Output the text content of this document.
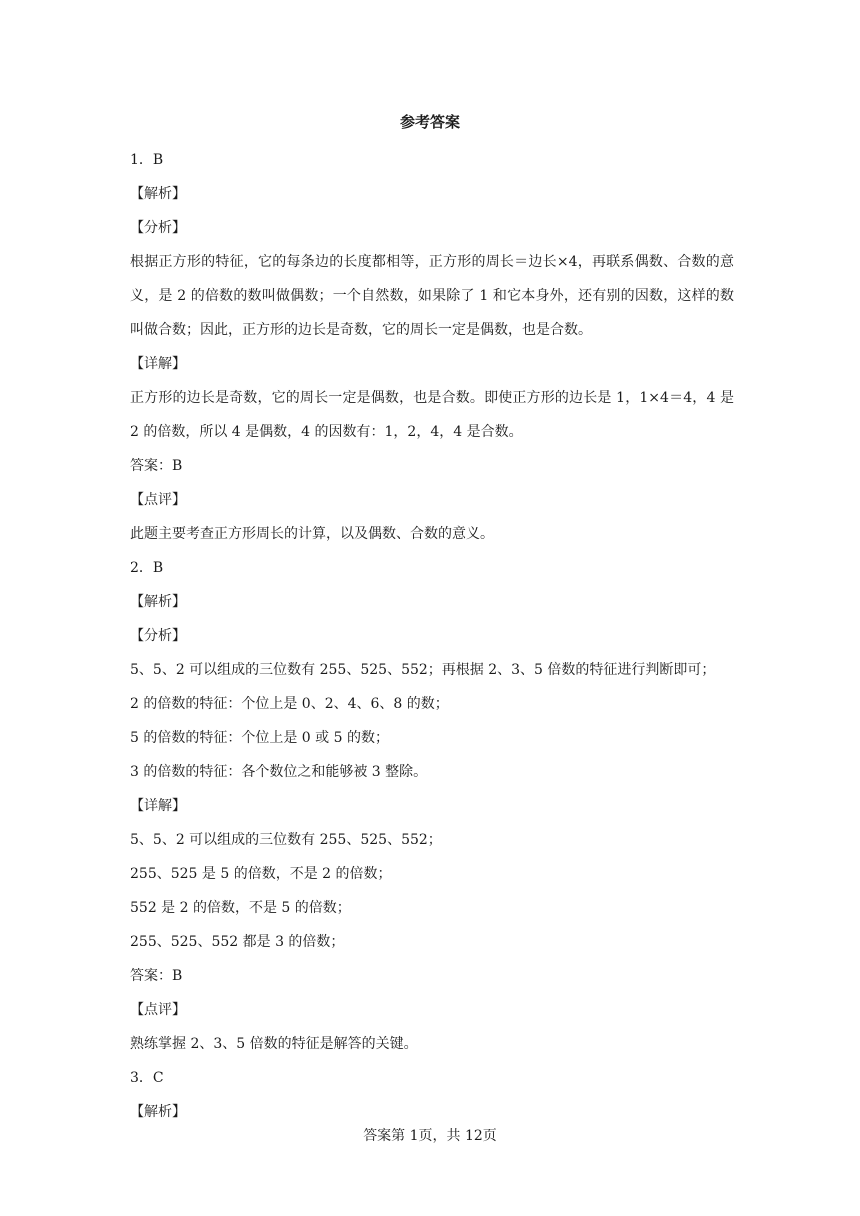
参考答案

1．B

【解析】

【分析】

根据正方形的特征，它的每条边的长度都相等，正方形的周长＝边长×4，再联系偶数、合数的意义，是 2 的倍数的数叫做偶数；一个自然数，如果除了 1 和它本身外，还有别的因数，这样的数叫做合数；因此，正方形的边长是奇数，它的周长一定是偶数，也是合数。

【详解】

正方形的边长是奇数，它的周长一定是偶数，也是合数。即使正方形的边长是 1，1×4＝4，4 是 2 的倍数，所以 4 是偶数，4 的因数有：1，2，4，4 是合数。

答案：B

【点评】

此题主要考查正方形周长的计算，以及偶数、合数的意义。

2．B

【解析】

【分析】

5、5、2 可以组成的三位数有 255、525、552；再根据 2、3、5 倍数的特征进行判断即可；

2 的倍数的特征：个位上是 0、2、4、6、8 的数；

5 的倍数的特征：个位上是 0 或 5 的数；

3 的倍数的特征：各个数位之和能够被 3 整除。

【详解】

5、5、2 可以组成的三位数有 255、525、552；

255、525 是 5 的倍数，不是 2 的倍数；

552 是 2 的倍数，不是 5 的倍数；

255、525、552 都是 3 的倍数；

答案：B

【点评】

熟练掌握 2、3、5 倍数的特征是解答的关键。

3．C

【解析】

答案第 1页，共 12页
